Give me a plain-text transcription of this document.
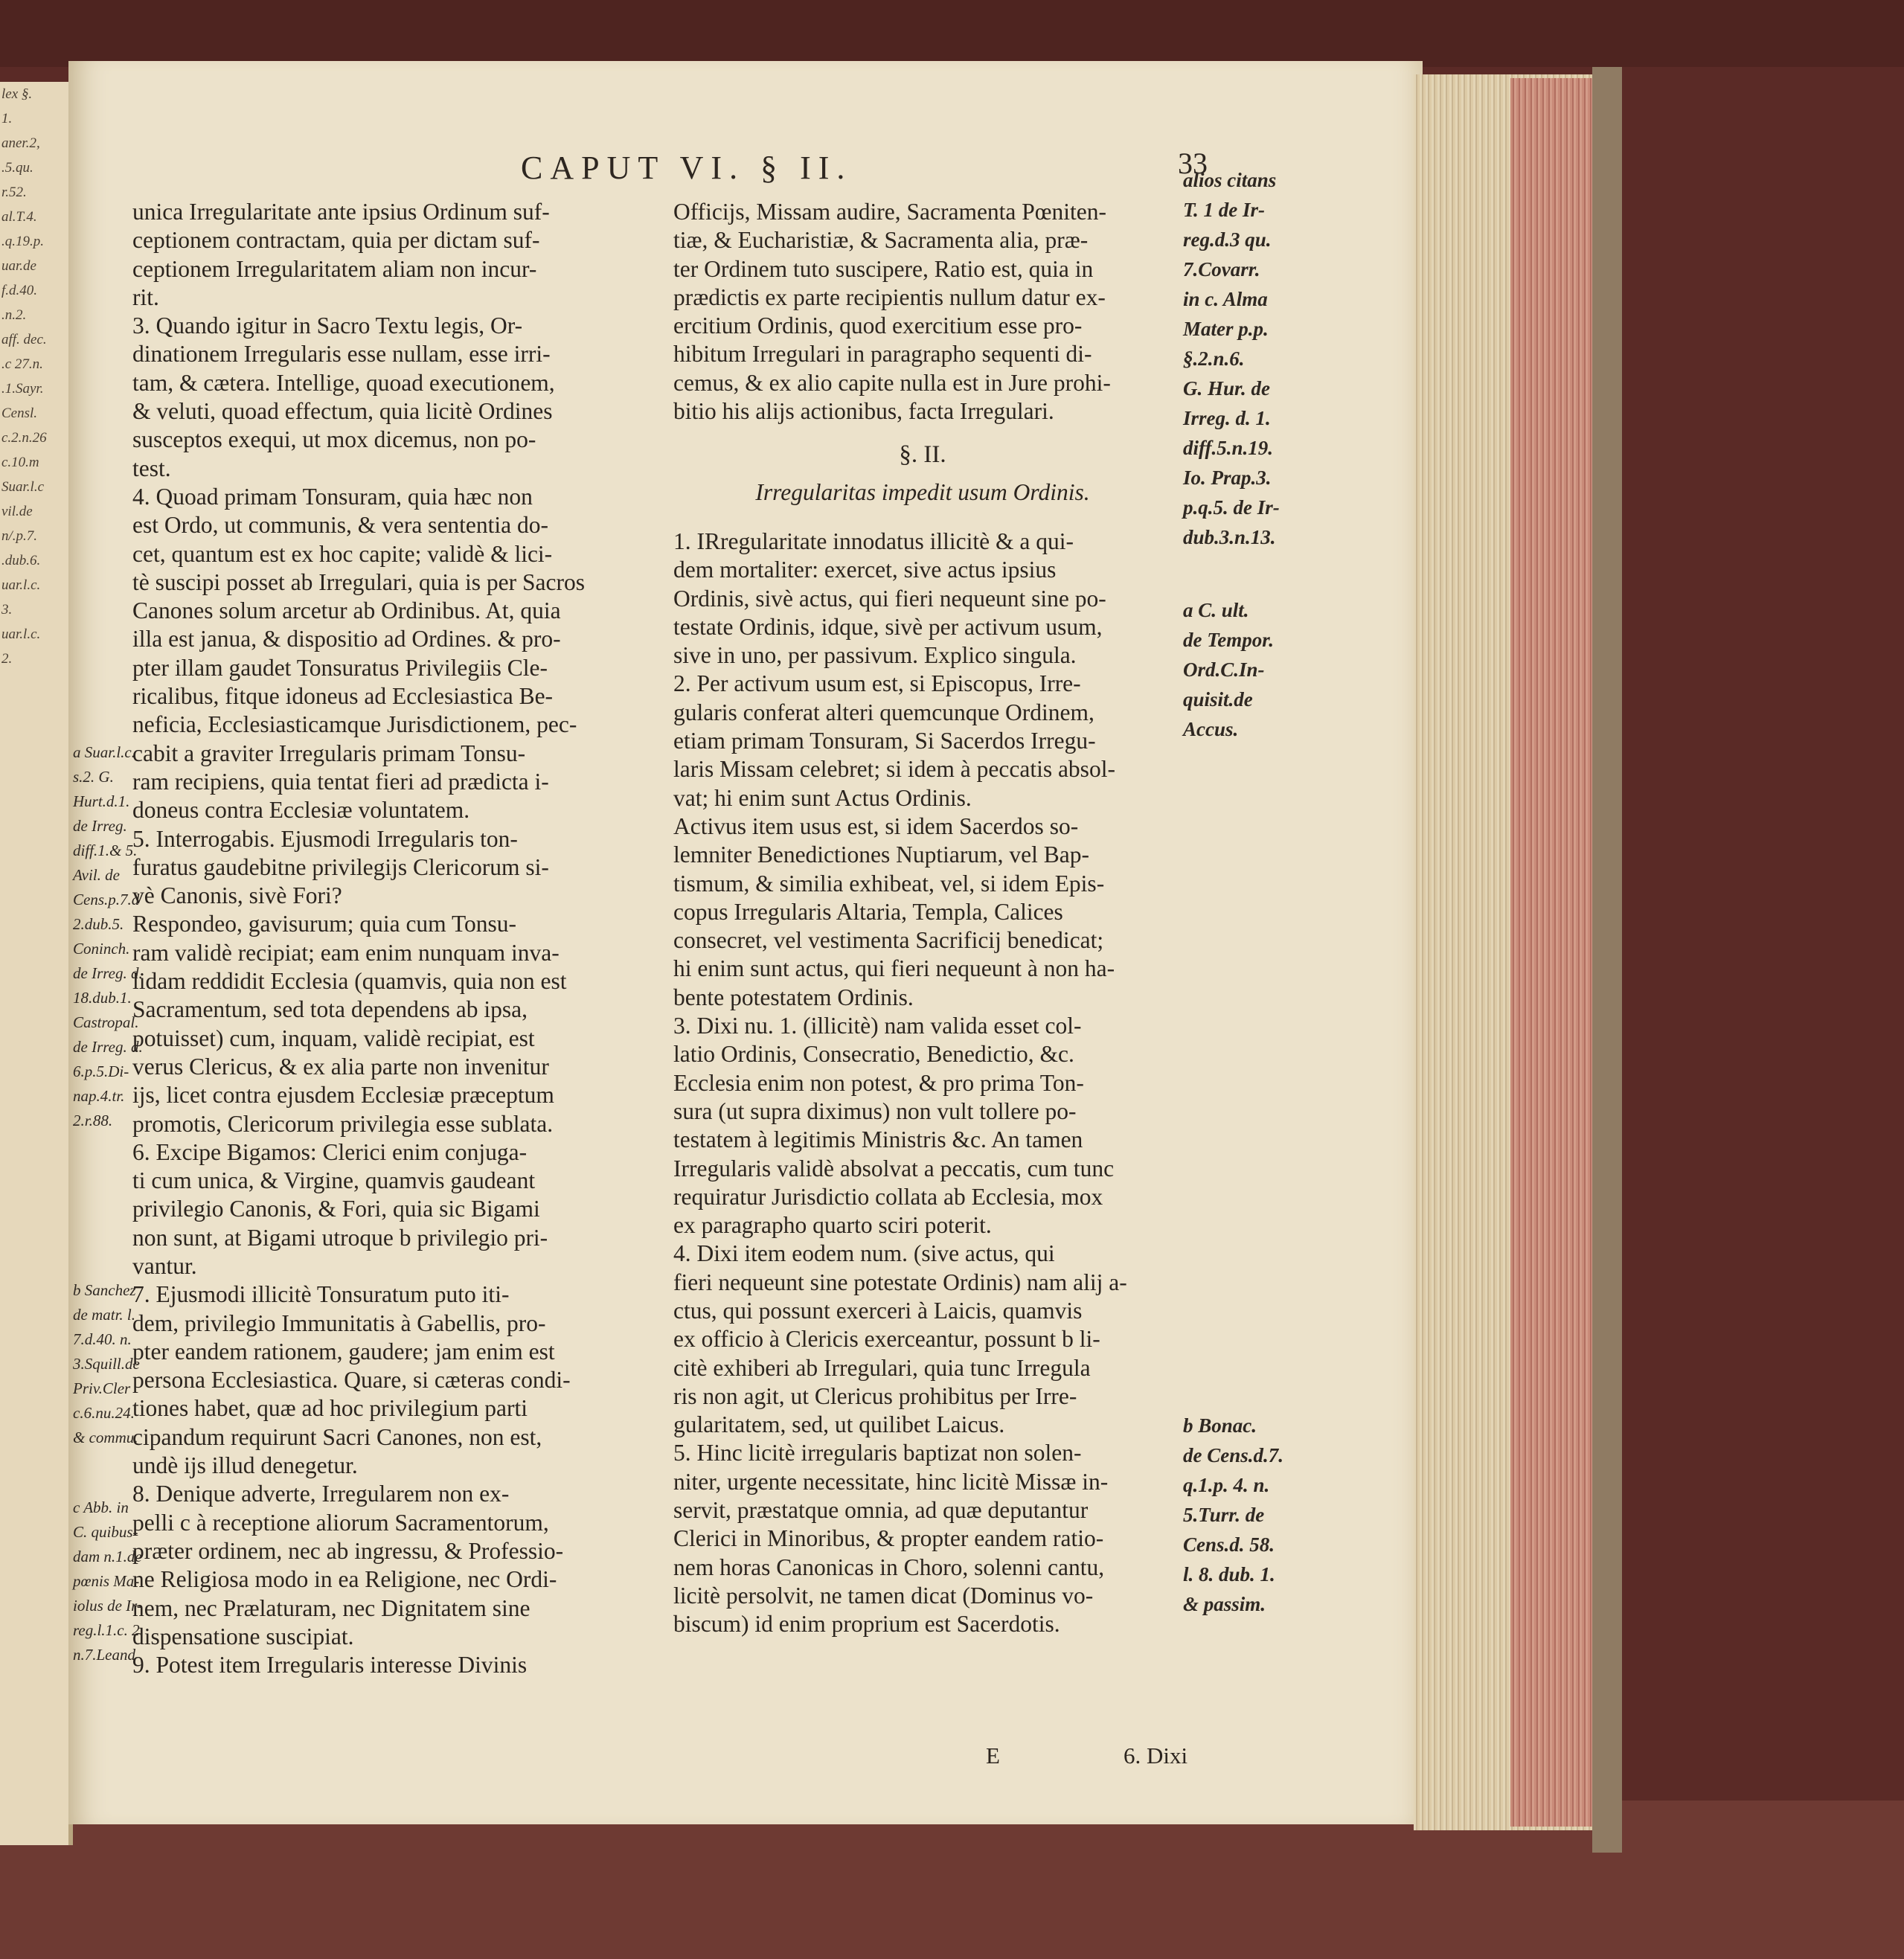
lex §.
1.
aner.2,
.5.qu.
r.52.
al.T.4.
.q.19.p.
uar.de
f.d.40.
.n.2.
aff. dec.
.c 27.n.
.1.Sayr.
Censl.
c.2.n.26
c.10.m
Suar.l.c
vil.de
n/.p.7.
.dub.6.
uar.l.c.
3.
uar.l.c.
2.
CAPUT VI. § II.	33
unica Irregularitate ante ipsius Ordinum suf-
ceptionem contractam, quia per dictam suf-
ceptionem Irregularitatem aliam non incur-
rit.
3. Quando igitur in Sacro Textu legis, Or-
dinationem Irregularis esse nullam, esse irri-
tam, & cætera. Intellige, quoad executionem,
& veluti, quoad effectum, quia licitè Ordines
susceptos exequi, ut mox dicemus, non po-
test.
4. Quoad primam Tonsuram, quia hæc non
est Ordo, ut communis, & vera sententia do-
cet, quantum est ex hoc capite; validè & lici-
tè suscipi posset ab Irregulari, quia is per Sacros
Canones solum arcetur ab Ordinibus. At, quia
illa est janua, & dispositio ad Ordines. & pro-
pter illam gaudet Tonsuratus Privilegiis Cle-
ricalibus, fitque idoneus ad Ecclesiastica Be-
neficia, Ecclesiasticamque Jurisdictionem, pec-
cabit a graviter Irregularis primam Tonsu-
ram recipiens, quia tentat fieri ad prædicta i-
doneus contra Ecclesiæ voluntatem.
5. Interrogabis. Ejusmodi Irregularis ton-
furatus gaudebitne privilegijs Clericorum si-
vè Canonis, sivè Fori?
Respondeo, gavisurum; quia cum Tonsu-
ram validè recipiat; eam enim nunquam inva-
lidam reddidit Ecclesia (quamvis, quia non est
Sacramentum, sed tota dependens ab ipsa,
potuisset) cum, inquam, validè recipiat, est
verus Clericus, & ex alia parte non invenitur
ijs, licet contra ejusdem Ecclesiæ præceptum
promotis, Clericorum privilegia esse sublata.
6. Excipe Bigamos: Clerici enim conjuga-
ti cum unica, & Virgine, quamvis gaudeant
privilegio Canonis, & Fori, quia sic Bigami
non sunt, at Bigami utroque b privilegio pri-
vantur.
7. Ejusmodi illicitè Tonsuratum puto iti-
dem, privilegio Immunitatis à Gabellis, pro-
pter eandem rationem, gaudere; jam enim est
persona Ecclesiastica. Quare, si cæteras condi-
tiones habet, quæ ad hoc privilegium parti
cipandum requirunt Sacri Canones, non est,
undè ijs illud denegetur.
8. Denique adverte, Irregularem non ex-
pelli c à receptione aliorum Sacramentorum,
præter ordinem, nec ab ingressu, & Professio-
ne Religiosa modo in ea Religione, nec Ordi-
nem, nec Prælaturam, nec Dignitatem sine
dispensatione suscipiat.
9. Potest item Irregularis interesse Divinis
Officijs, Missam audire, Sacramenta Pœniten-
tiæ, & Eucharistiæ, & Sacramenta alia, præ-
ter Ordinem tuto suscipere, Ratio est, quia in
prædictis ex parte recipientis nullum datur ex-
ercitium Ordinis, quod exercitium esse pro-
hibitum Irregulari in paragrapho sequenti di-
cemus, & ex alio capite nulla est in Jure prohi-
bitio his alijs actionibus, facta Irregulari.
§. II.
Irregularitas impedit usum Ordinis.
1. IRregularitate innodatus illicitè & a qui-
dem mortaliter: exercet, sive actus ipsius
Ordinis, sivè actus, qui fieri nequeunt sine po-
testate Ordinis, idque, sivè per activum usum,
sive in uno, per passivum. Explico singula.
2. Per activum usum est, si Episcopus, Irre-
gularis conferat alteri quemcunque Ordinem,
etiam primam Tonsuram, Si Sacerdos Irregu-
laris Missam celebret; si idem à peccatis absol-
vat; hi enim sunt Actus Ordinis.
Activus item usus est, si idem Sacerdos so-
lemniter Benedictiones Nuptiarum, vel Bap-
tismum, & similia exhibeat, vel, si idem Epis-
copus Irregularis Altaria, Templa, Calices
consecret, vel vestimenta Sacrificij benedicat;
hi enim sunt actus, qui fieri nequeunt à non ha-
bente potestatem Ordinis.
3. Dixi nu. 1. (illicitè) nam valida esset col-
latio Ordinis, Consecratio, Benedictio, &c.
Ecclesia enim non potest, & pro prima Ton-
sura (ut supra diximus) non vult tollere po-
testatem à legitimis Ministris &c. An tamen
Irregularis validè absolvat a peccatis, cum tunc
requiratur Jurisdictio collata ab Ecclesia, mox
ex paragrapho quarto sciri poterit.
4. Dixi item eodem num. (sive actus, qui
fieri nequeunt sine potestate Ordinis) nam alij a-
ctus, qui possunt exerceri à Laicis, quamvis
ex officio à Clericis exerceantur, possunt b li-
citè exhiberi ab Irregulari, quia tunc Irregula
ris non agit, ut Clericus prohibitus per Irre-
gularitatem, sed, ut quilibet Laicus.
5. Hinc licitè irregularis baptizat non solen-
niter, urgente necessitate, hinc licitè Missæ in-
servit, præstatque omnia, ad quæ deputantur
Clerici in Minoribus, & propter eandem ratio-
nem horas Canonicas in Choro, solenni cantu,
licitè persolvit, ne tamen dicat (Dominus vo-
biscum) id enim proprium est Sacerdotis.
a Suar.l.c.
s.2. G.
Hurt.d.1.
de Irreg.
diff.1.& 5.
Avil. de
Cens.p.7.d
2.dub.5.
Coninch.
de Irreg. d.
18.dub.1.
Castropal.
de Irreg. d.
6.p.5.Di-
nap.4.tr.
2.r.88.
b Sanchez
de matr. l.
7.d.40. n.
3.Squill.de
Priv.Cler
c.6.nu.24.
& commu.
c Abb. in
C. quibus-
dam n.1.de
pœnis Ma-
iolus de Ir-
reg.l.1.c. 2.
n.7.Leand
alios citans
T. 1 de Ir-
reg.d.3 qu.
7.Covarr.
in c. Alma
Mater p.p.
§.2.n.6.
G. Hur. de
Irreg. d. 1.
diff.5.n.19.
Io. Prap.3.
p.q.5. de Ir-
dub.3.n.13.
a C. ult.
de Tempor.
Ord.C.In-
quisit.de
Accus.
b Bonac.
de Cens.d.7.
q.1.p. 4. n.
5.Turr. de
Cens.d. 58.
l. 8. dub. 1.
& passim.
E	6. Dixi
